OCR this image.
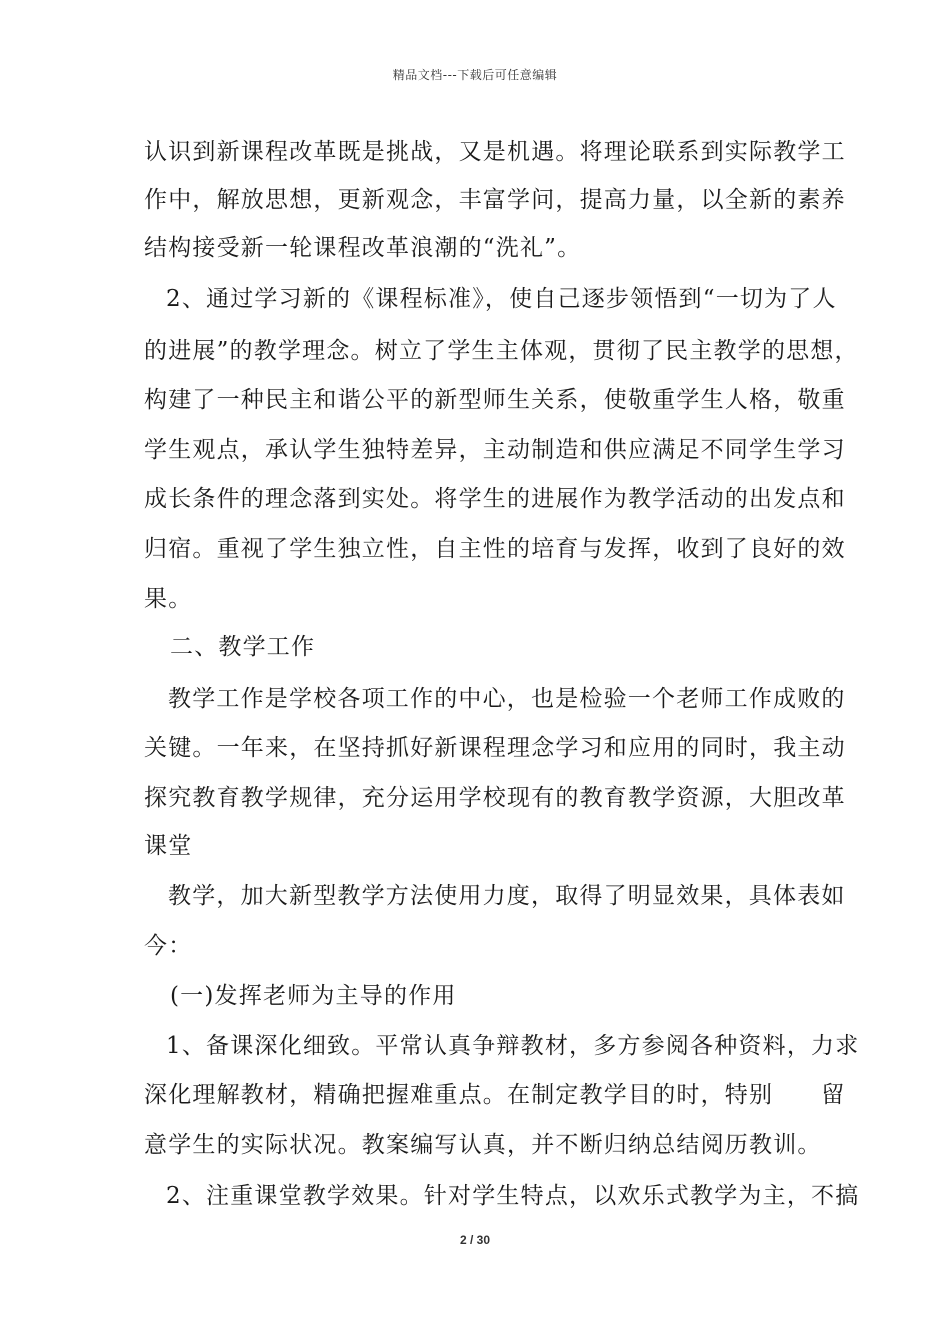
精品文档---下载后可任意编辑
认识到新课程改革既是挑战，又是机遇。将理论联系到实际教学工
作中，解放思想，更新观念，丰富学问，提高力量，以全新的素养
结构接受新一轮课程改革浪潮的“洗礼”。
2、通过学习新的《课程标准》，使自己逐步领悟到“一切为了人
的进展”的教学理念。树立了学生主体观，贯彻了民主教学的思想，
构建了一种民主和谐公平的新型师生关系，使敬重学生人格，敬重
学生观点，承认学生独特差异，主动制造和供应满足不同学生学习
成长条件的理念落到实处。将学生的进展作为教学活动的出发点和
归宿。重视了学生独立性，自主性的培育与发挥，收到了良好的效
果。
二、教学工作
教学工作是学校各项工作的中心，也是检验一个老师工作成败的
关键。一年来，在坚持抓好新课程理念学习和应用的同时，我主动
探究教育教学规律，充分运用学校现有的教育教学资源，大胆改革
课堂
教学，加大新型教学方法使用力度，取得了明显效果，具体表如
今：
(一)发挥老师为主导的作用
1、备课深化细致。平常认真争辩教材，多方参阅各种资料，力求
深化理解教材，精确把握难重点。在制定教学目的时，特别 留
意学生的实际状况。教案编写认真，并不断归纳总结阅历教训。
2、注重课堂教学效果。针对学生特点，以欢乐式教学为主，不搞
2 / 30
